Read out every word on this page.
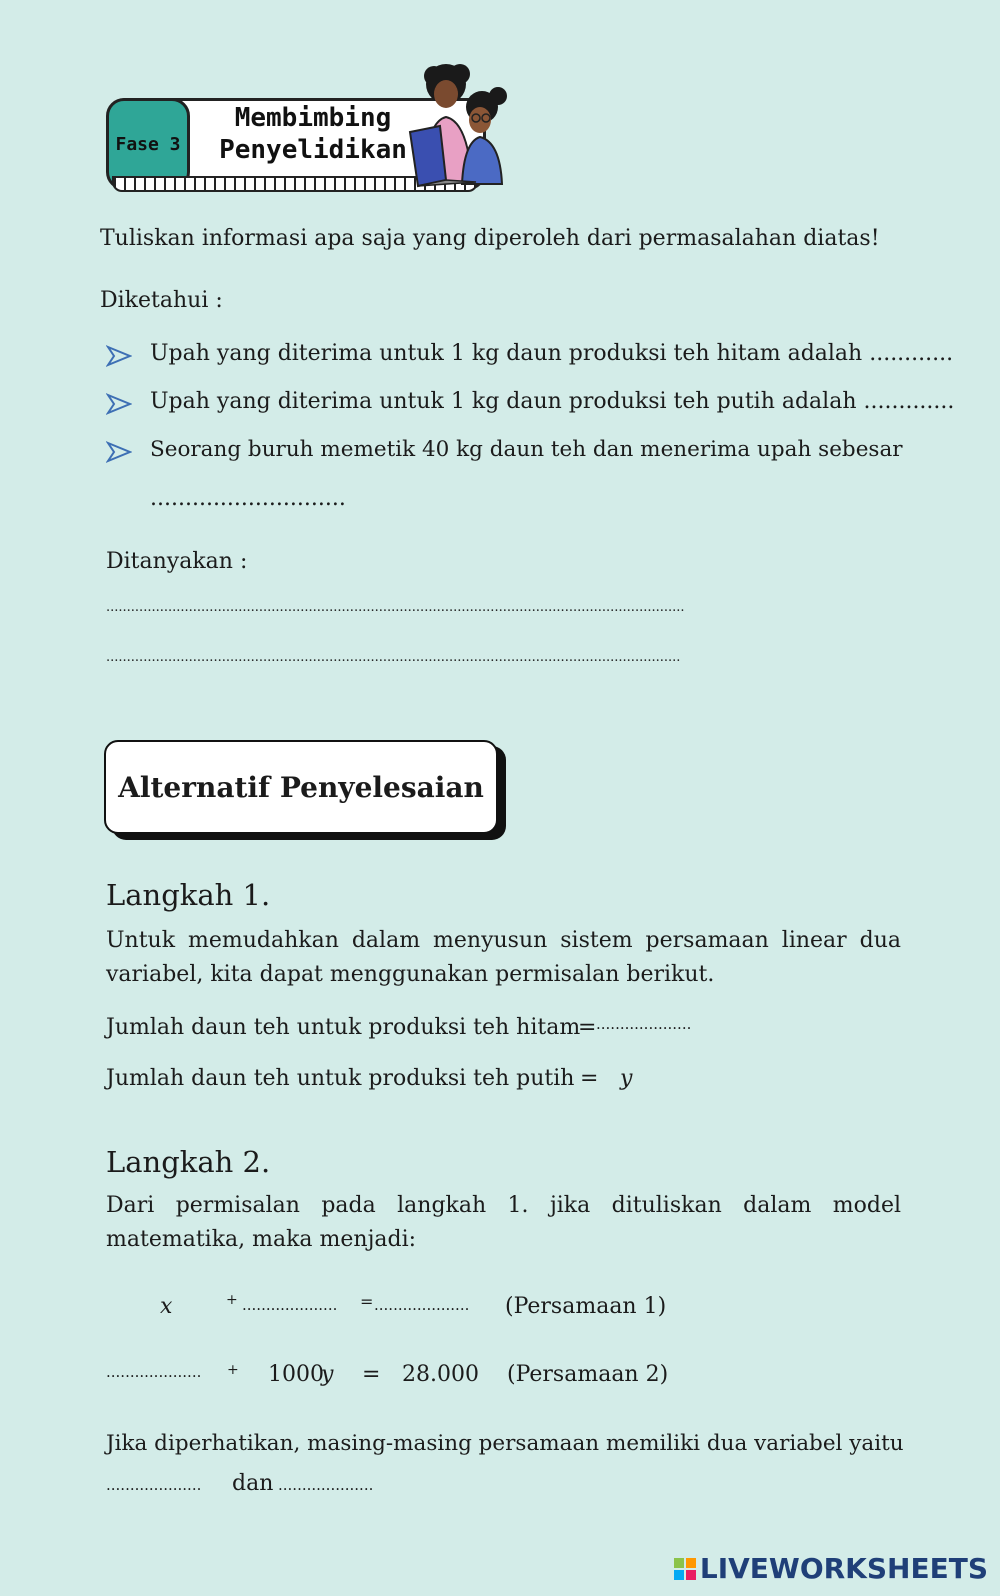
Fase 3
Membimbing
Penyelidikan
Tuliskan informasi apa saja yang diperoleh dari permasalahan diatas!
Diketahui :
Upah yang diterima untuk 1 kg daun produksi teh hitam adalah ............
Upah yang diterima untuk 1 kg daun produksi teh putih adalah .............
Seorang buruh memetik 40 kg daun teh dan menerima upah sebesar
............................
Ditanyakan :
............................................................................................................................................
...........................................................................................................................................
Alternatif Penyelesaian
Langkah 1.
Untuk memudahkan dalam menyusun sistem persamaan linear dua variabel, kita dapat menggunakan permisalan berikut.
Jumlah daun teh untuk produksi teh hitam
= ....................
Jumlah daun teh untuk produksi teh putih = y
Langkah 2.
Dari permisalan pada langkah 1. jika dituliskan dalam model matematika, maka menjadi:
x	+ .................... = .................... (Persamaan 1)
.................... + 1000
y = 28.000 (Persamaan 2)
Jika diperhatikan, masing-masing persamaan memiliki dua variabel yaitu
.................... dan ....................
LIVEWORKSHEETS
